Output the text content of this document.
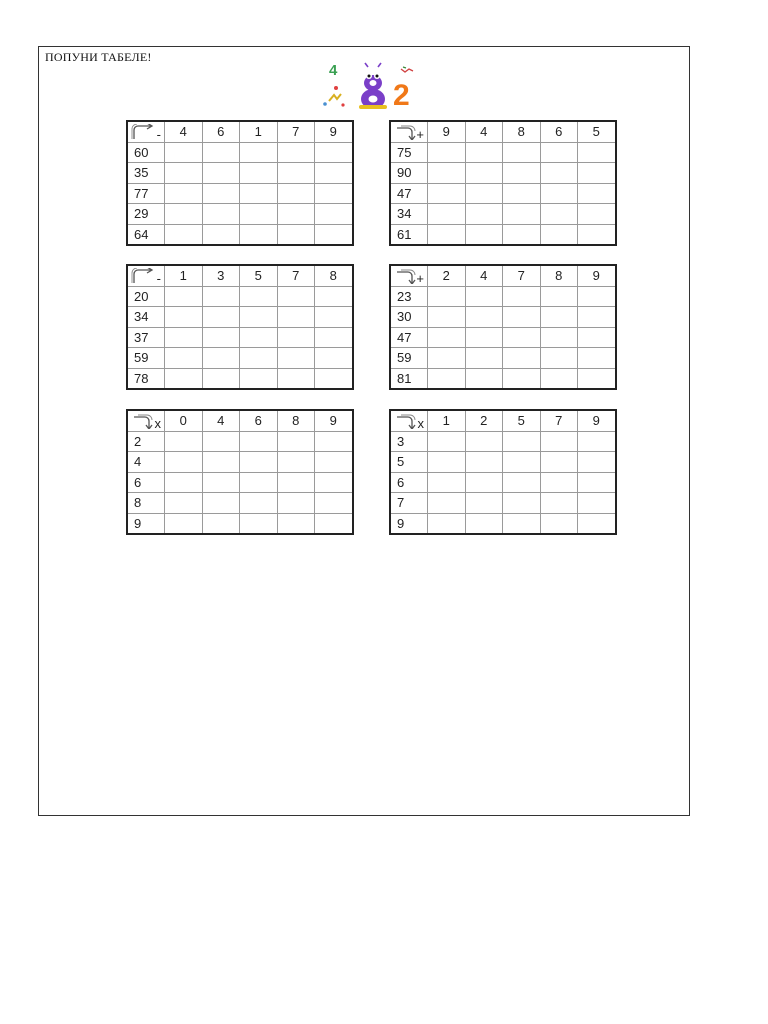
ПОПУНИ ТАБЕЛЕ!
4
2
-	4	6	1	7	9
60					
35					
77					
29					
64					
+	9	4	8	6	5
75					
90					
47					
34					
61					
-	1	3	5	7	8
20					
34					
37					
59					
78					
+	2	4	7	8	9
23					
30					
47					
59					
81					
x	0	4	6	8	9
2					
4					
6					
8					
9					
x	1	2	5	7	9
3					
5					
6					
7					
9					
